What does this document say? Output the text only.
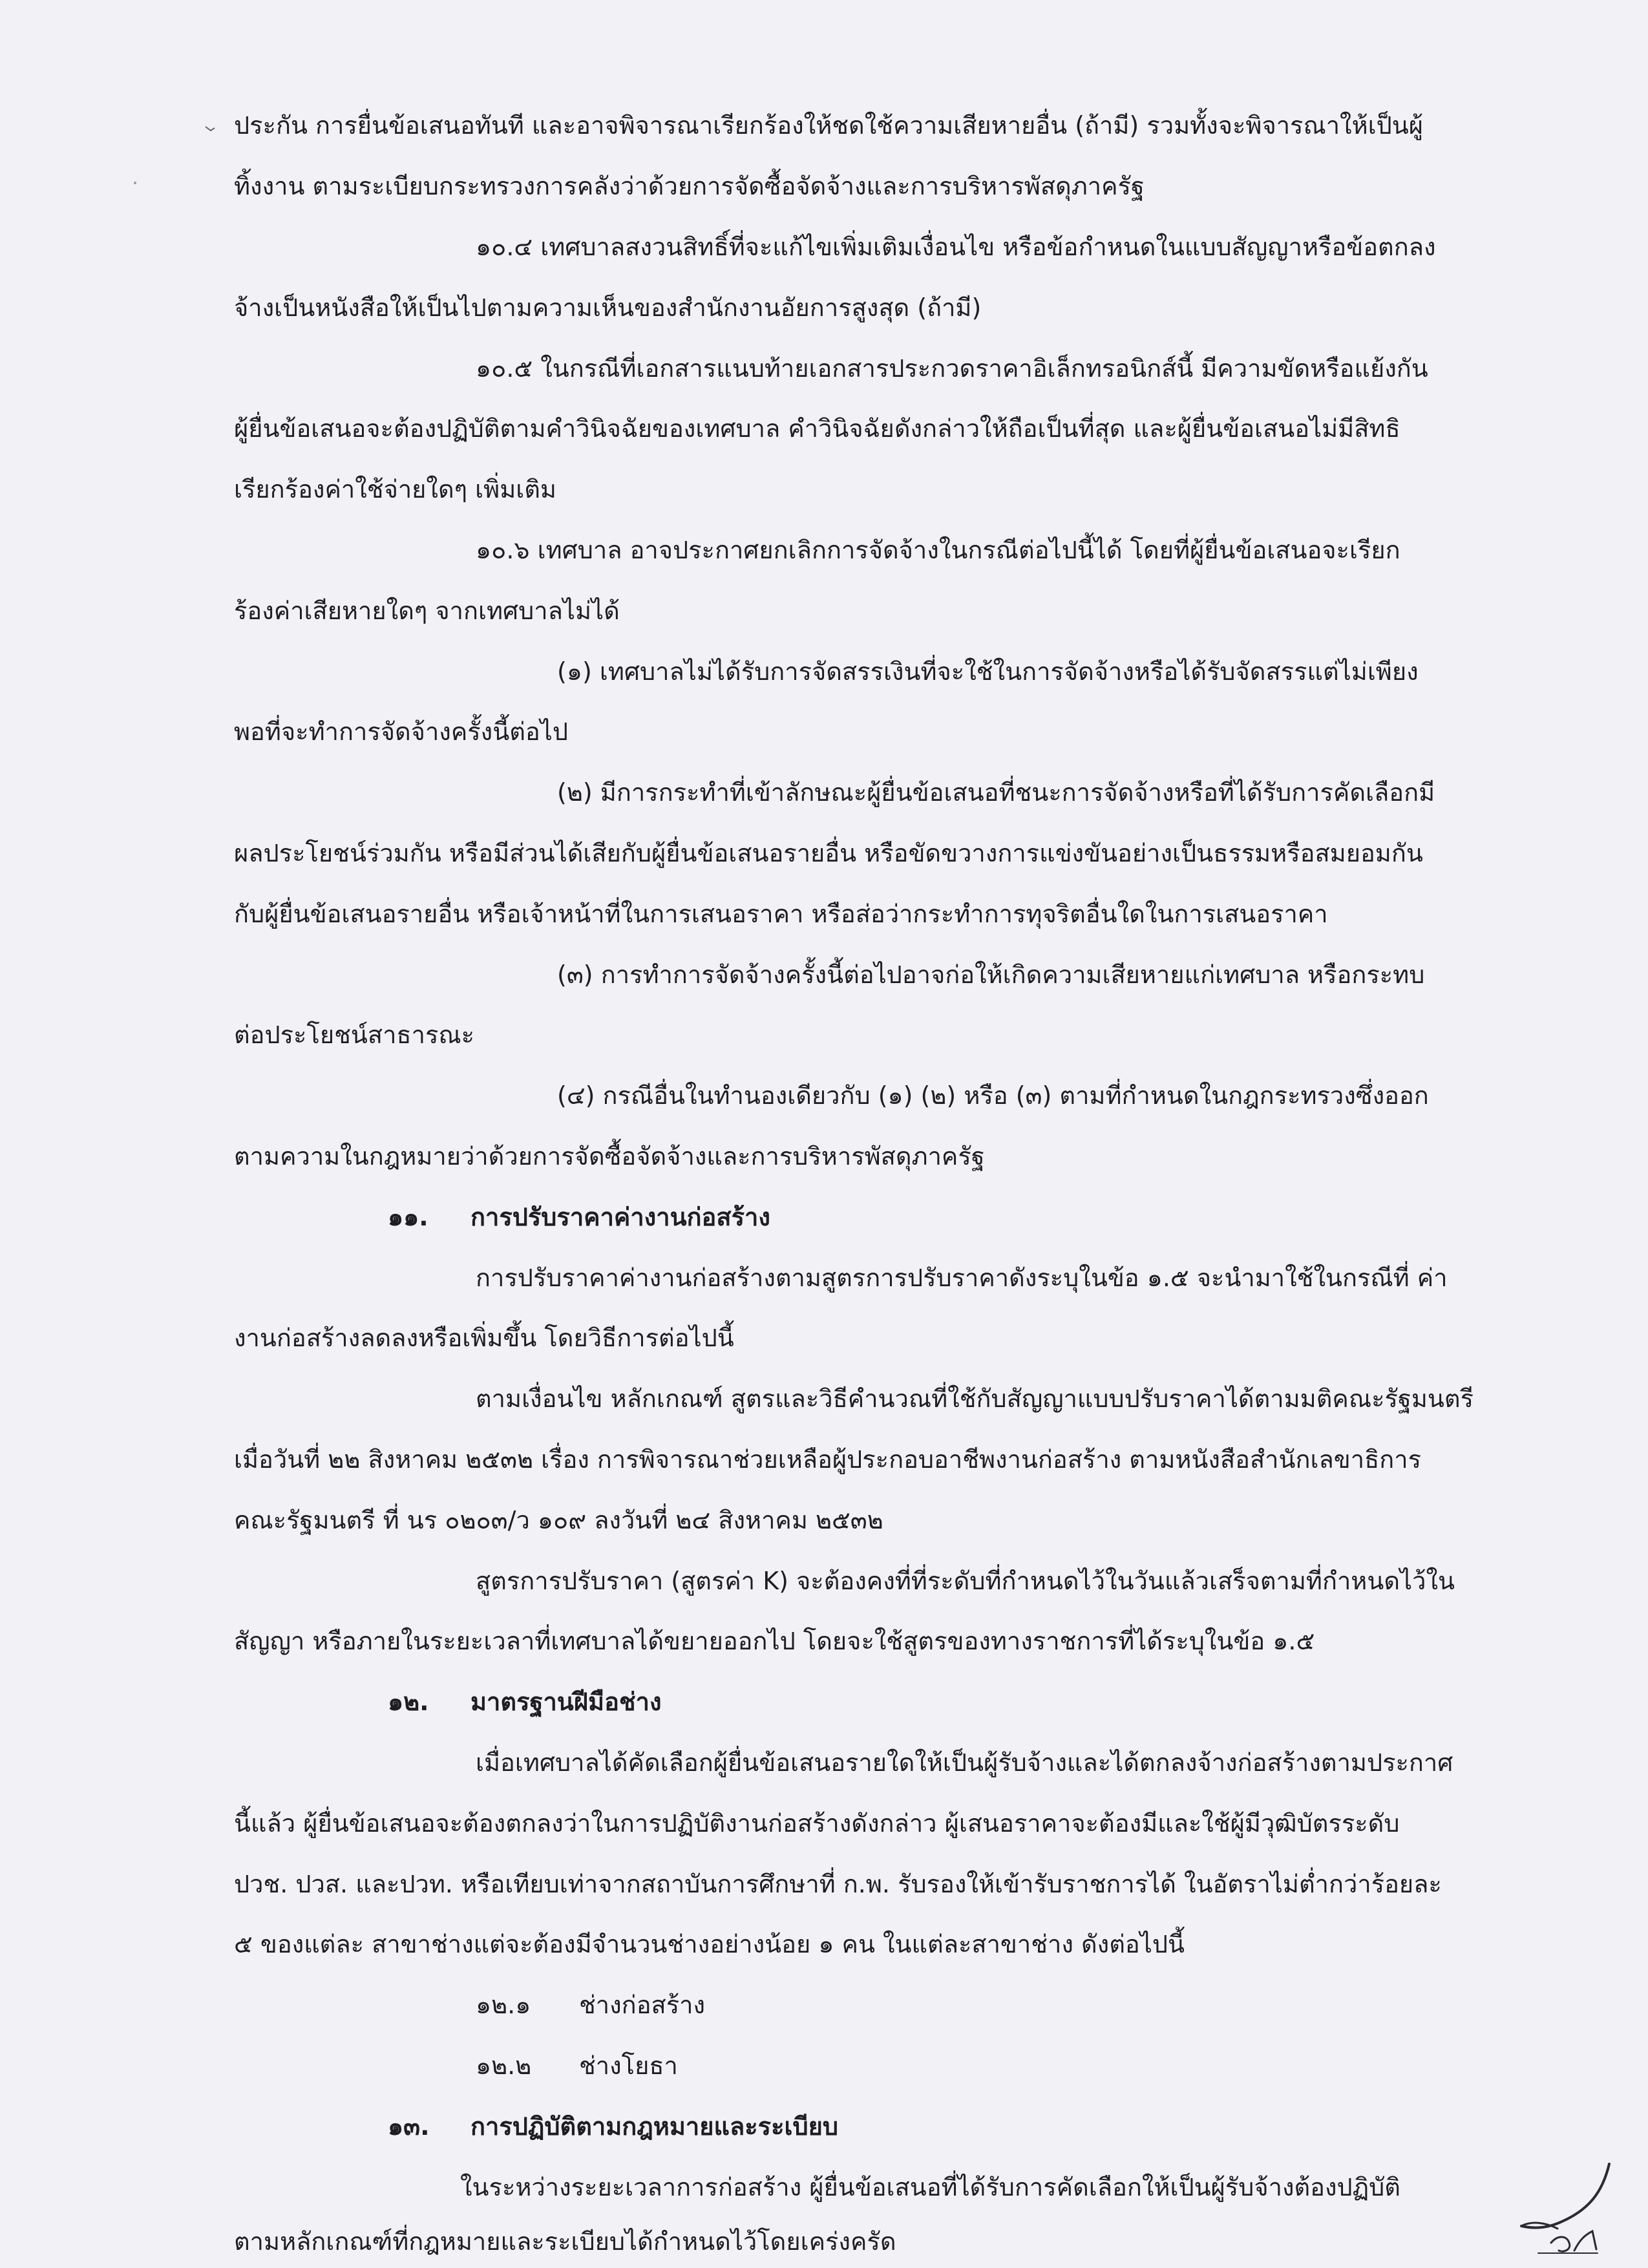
ประกัน การยื่นข้อเสนอทันที และอาจพิจารณาเรียกร้องให้ชดใช้ความเสียหายอื่น (ถ้ามี) รวมทั้งจะพิจารณาให้เป็นผู้

ทิ้งงาน ตามระเบียบกระทรวงการคลังว่าด้วยการจัดซื้อจัดจ้างและการบริหารพัสดุภาครัฐ

๑๐.๔ เทศบาลสงวนสิทธิ์ที่จะแก้ไขเพิ่มเติมเงื่อนไข หรือข้อกำหนดในแบบสัญญาหรือข้อตกลง

จ้างเป็นหนังสือให้เป็นไปตามความเห็นของสำนักงานอัยการสูงสุด (ถ้ามี)

๑๐.๕ ในกรณีที่เอกสารแนบท้ายเอกสารประกวดราคาอิเล็กทรอนิกส์นี้ มีความขัดหรือแย้งกัน

ผู้ยื่นข้อเสนอจะต้องปฏิบัติตามคำวินิจฉัยของเทศบาล คำวินิจฉัยดังกล่าวให้ถือเป็นที่สุด และผู้ยื่นข้อเสนอไม่มีสิทธิ

เรียกร้องค่าใช้จ่ายใดๆ เพิ่มเติม

๑๐.๖ เทศบาล อาจประกาศยกเลิกการจัดจ้างในกรณีต่อไปนี้ได้ โดยที่ผู้ยื่นข้อเสนอจะเรียก

ร้องค่าเสียหายใดๆ จากเทศบาลไม่ได้

(๑) เทศบาลไม่ได้รับการจัดสรรเงินที่จะใช้ในการจัดจ้างหรือได้รับจัดสรรแต่ไม่เพียง

พอที่จะทำการจัดจ้างครั้งนี้ต่อไป

(๒) มีการกระทำที่เข้าลักษณะผู้ยื่นข้อเสนอที่ชนะการจัดจ้างหรือที่ได้รับการคัดเลือกมี

ผลประโยชน์ร่วมกัน หรือมีส่วนได้เสียกับผู้ยื่นข้อเสนอรายอื่น หรือขัดขวางการแข่งขันอย่างเป็นธรรมหรือสมยอมกัน

กับผู้ยื่นข้อเสนอรายอื่น หรือเจ้าหน้าที่ในการเสนอราคา หรือส่อว่ากระทำการทุจริตอื่นใดในการเสนอราคา

(๓) การทำการจัดจ้างครั้งนี้ต่อไปอาจก่อให้เกิดความเสียหายแก่เทศบาล หรือกระทบ

ต่อประโยชน์สาธารณะ

(๔) กรณีอื่นในทำนองเดียวกับ (๑) (๒) หรือ (๓) ตามที่กำหนดในกฎกระทรวงซึ่งออก

ตามความในกฎหมายว่าด้วยการจัดซื้อจัดจ้างและการบริหารพัสดุภาครัฐ

๑๑. การปรับราคาค่างานก่อสร้าง

การปรับราคาค่างานก่อสร้างตามสูตรการปรับราคาดังระบุในข้อ ๑.๕ จะนำมาใช้ในกรณีที่ ค่า

งานก่อสร้างลดลงหรือเพิ่มขึ้น โดยวิธีการต่อไปนี้

ตามเงื่อนไข หลักเกณฑ์ สูตรและวิธีคำนวณที่ใช้กับสัญญาแบบปรับราคาได้ตามมติคณะรัฐมนตรี

เมื่อวันที่ ๒๒ สิงหาคม ๒๕๓๒ เรื่อง การพิจารณาช่วยเหลือผู้ประกอบอาชีพงานก่อสร้าง ตามหนังสือสำนักเลขาธิการ

คณะรัฐมนตรี ที่ นร ๐๒๐๓/ว ๑๐๙ ลงวันที่ ๒๔ สิงหาคม ๒๕๓๒

สูตรการปรับราคา (สูตรค่า K) จะต้องคงที่ที่ระดับที่กำหนดไว้ในวันแล้วเสร็จตามที่กำหนดไว้ใน

สัญญา หรือภายในระยะเวลาที่เทศบาลได้ขยายออกไป โดยจะใช้สูตรของทางราชการที่ได้ระบุในข้อ ๑.๕

๑๒. มาตรฐานฝีมือช่าง

เมื่อเทศบาลได้คัดเลือกผู้ยื่นข้อเสนอรายใดให้เป็นผู้รับจ้างและได้ตกลงจ้างก่อสร้างตามประกาศ

นี้แล้ว ผู้ยื่นข้อเสนอจะต้องตกลงว่าในการปฏิบัติงานก่อสร้างดังกล่าว ผู้เสนอราคาจะต้องมีและใช้ผู้มีวุฒิบัตรระดับ

ปวช. ปวส. และปวท. หรือเทียบเท่าจากสถาบันการศึกษาที่ ก.พ. รับรองให้เข้ารับราชการได้ ในอัตราไม่ต่ำกว่าร้อยละ

๕ ของแต่ละ สาขาช่างแต่จะต้องมีจำนวนช่างอย่างน้อย ๑ คน ในแต่ละสาขาช่าง ดังต่อไปนี้

๑๒.๑ ช่างก่อสร้าง
๑๒.๒ ช่างโยธา
๑๓. การปฏิบัติตามกฎหมายและระเบียบ

ในระหว่างระยะเวลาการก่อสร้าง ผู้ยื่นข้อเสนอที่ได้รับการคัดเลือกให้เป็นผู้รับจ้างต้องปฏิบัติ

ตามหลักเกณฑ์ที่กฎหมายและระเบียบได้กำหนดไว้โดยเคร่งครัด
